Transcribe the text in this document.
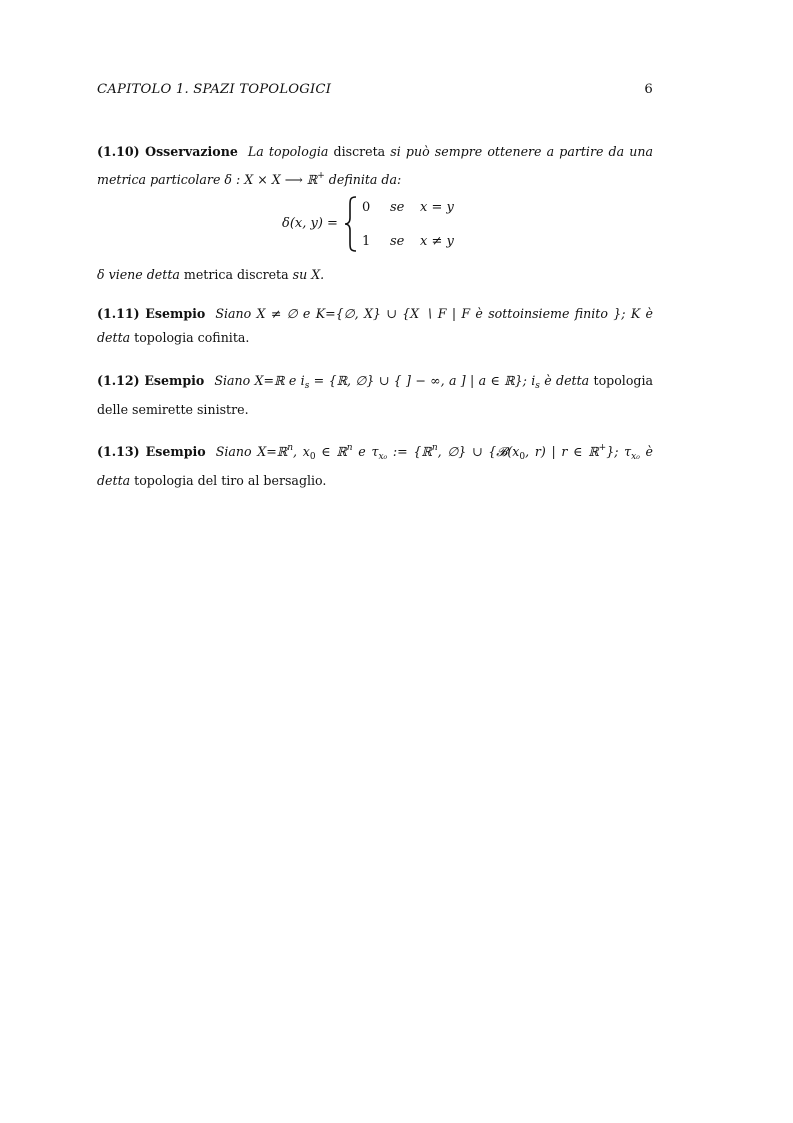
CAPITOLO 1. SPAZI TOPOLOGICI	6
(1.10) Osservazione La topologia discreta si può sempre ottenere a partire da una metrica particolare δ : X × X ⟶ ℝ+ definita da:
δ(x, y) =
0 se x = y
1 se x ≠ y
δ viene detta metrica discreta su X.
(1.11) Esempio Siano X ≠ ∅ e K={∅, X} ∪ {X ∖ F | F è sottoinsieme finito }; K è detta topologia cofinita.
(1.12) Esempio Siano X=ℝ e $i_s$ = {ℝ, ∅} ∪ { ] − ∞, a ] | a ∈ ℝ}; $i_s$ è detta topologia delle semirette sinistre.
(1.13) Esempio Siano X=ℝ$^n$, $x_0$ ∈ ℝ$^n$ e $\tau_{x_0}$ := {ℝ$^n$, ∅} ∪ {$𝓑(x_0$, r) | r ∈ ℝ+}; $\tau_{x_0}$ è detta topologia del tiro al bersaglio.
